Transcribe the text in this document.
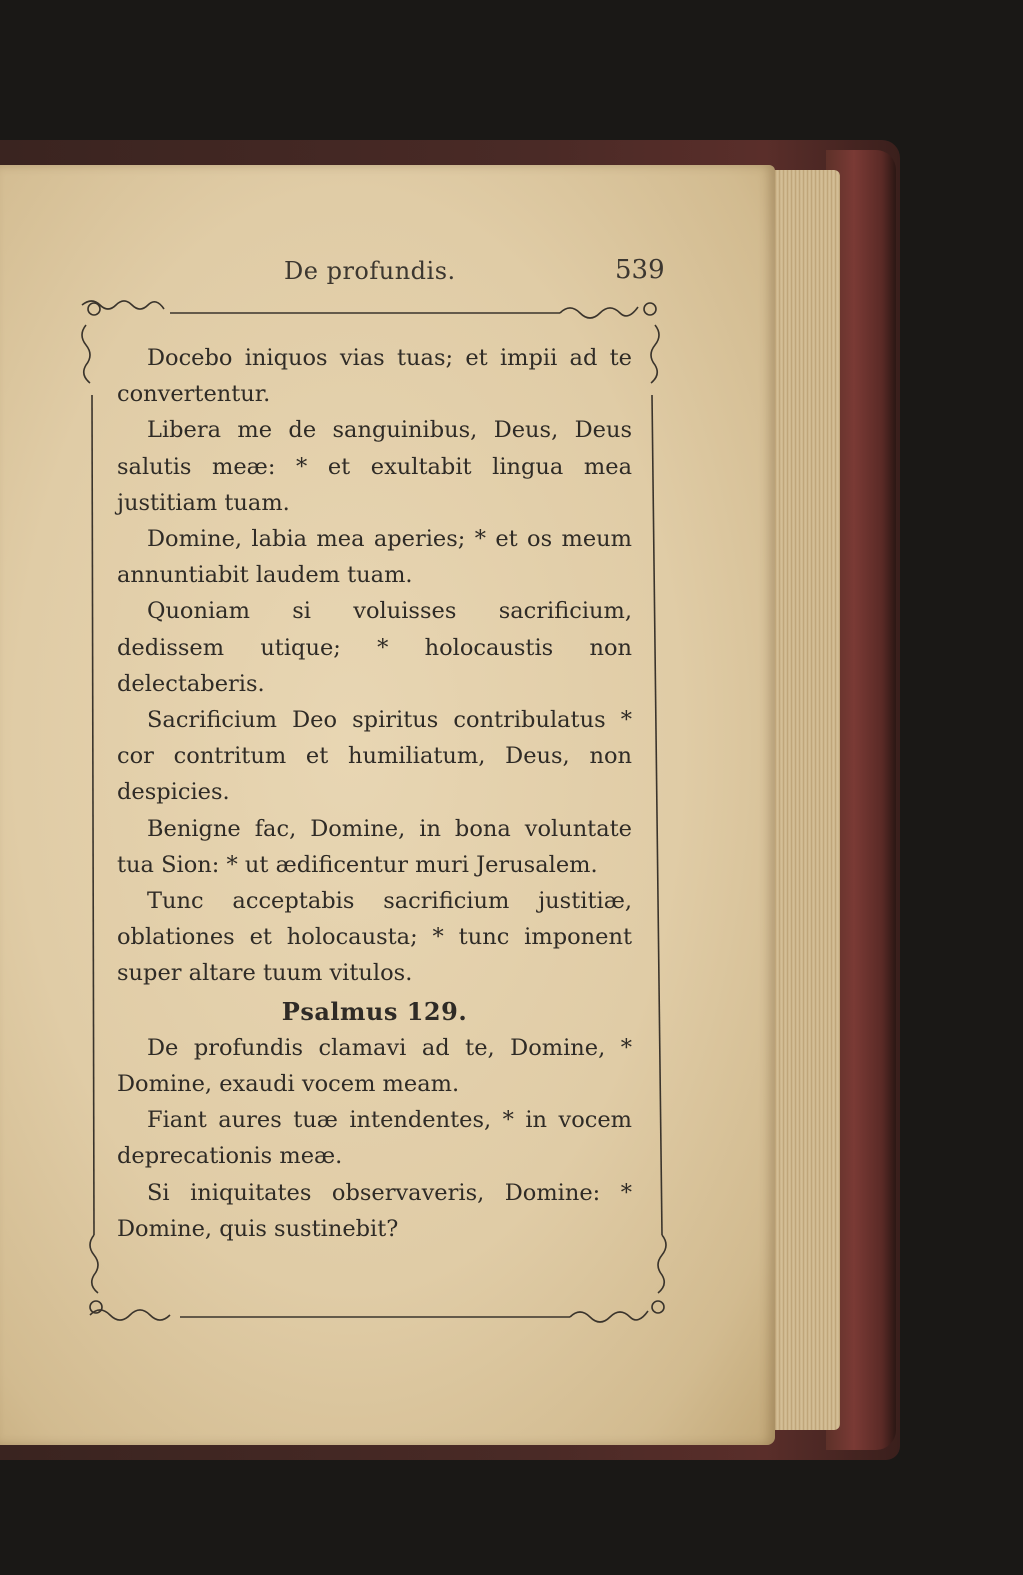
De profundis.	539

Docebo iniquos vias tuas; et impii ad te convertentur.

Libera me de sanguinibus, Deus, Deus salutis meæ: * et exultabit lingua mea justitiam tuam.

Domine, labia mea aperies; * et os meum annuntiabit laudem tuam.

Quoniam si voluisses sacrificium, dedissem utique; * holocaustis non delectaberis.

Sacrificium Deo spiritus contribulatus * cor contritum et humiliatum, Deus, non despicies.

Benigne fac, Domine, in bona voluntate tua Sion: * ut ædificentur muri Jerusalem.

Tunc acceptabis sacrificium justitiæ, oblationes et holocausta; * tunc imponent super altare tuum vitulos.

Psalmus 129.

De profundis clamavi ad te, Domine, * Domine, exaudi vocem meam.

Fiant aures tuæ intendentes, * in vocem deprecationis meæ.

Si iniquitates observaveris, Domine: * Domine, quis sustinebit?
